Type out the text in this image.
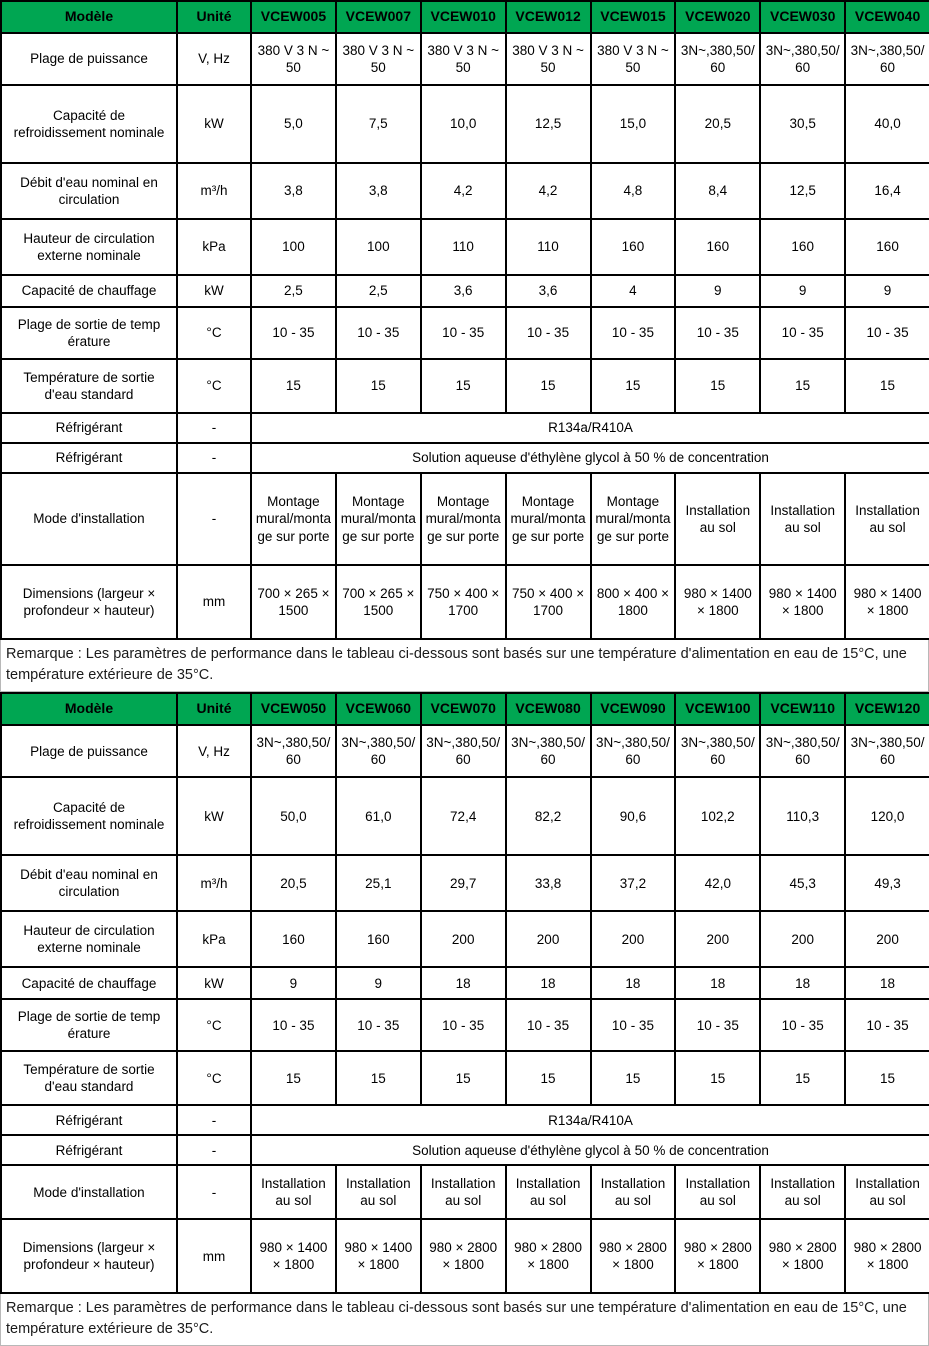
Modèle	Unité	VCEW005	VCEW007	VCEW010	VCEW012	VCEW015	VCEW020	VCEW030	VCEW040
Plage de puissance	V, Hz	380 V 3 N ~ 50	380 V 3 N ~ 50	380 V 3 N ~ 50	380 V 3 N ~ 50	380 V 3 N ~ 50	3N~,380,50/60	3N~,380,50/60	3N~,380,50/60
Capacité de refroidissement nominale	kW	5,0	7,5	10,0	12,5	15,0	20,5	30,5	40,0
Débit d'eau nominal en circulation	m³/h	3,8	3,8	4,2	4,2	4,8	8,4	12,5	16,4
Hauteur de circulation externe nominale	kPa	100	100	110	110	160	160	160	160
Capacité de chauffage	kW	2,5	2,5	3,6	3,6	4	9	9	9
Plage de sortie de temp érature	°C	10 - 35	10 - 35	10 - 35	10 - 35	10 - 35	10 - 35	10 - 35	10 - 35
Température de sortie d'eau standard	°C	15	15	15	15	15	15	15	15
Réfrigérant	-	R134a/R410A							
Réfrigérant	-	Solution aqueuse d'éthylène glycol à 50 % de concentration							
Mode d'installation	-	Montage mural/montage sur porte	Montage mural/montage sur porte	Montage mural/montage sur porte	Montage mural/montage sur porte	Montage mural/montage sur porte	Installation au sol	Installation au sol	Installation au sol
Dimensions (largeur × profondeur × hauteur)	mm	700 × 265 × 1500	700 × 265 × 1500	750 × 400 × 1700	750 × 400 × 1700	800 × 400 × 1800	980 × 1400 × 1800	980 × 1400 × 1800	980 × 1400 × 1800
Remarque : Les paramètres de performance dans le tableau ci-dessous sont basés sur une température d'alimentation en eau de 15°C, une température extérieure de 35°C.
Modèle	Unité	VCEW050	VCEW060	VCEW070	VCEW080	VCEW090	VCEW100	VCEW110	VCEW120
Plage de puissance	V, Hz	3N~,380,50/60	3N~,380,50/60	3N~,380,50/60	3N~,380,50/60	3N~,380,50/60	3N~,380,50/60	3N~,380,50/60	3N~,380,50/60
Capacité de refroidissement nominale	kW	50,0	61,0	72,4	82,2	90,6	102,2	110,3	120,0
Débit d'eau nominal en circulation	m³/h	20,5	25,1	29,7	33,8	37,2	42,0	45,3	49,3
Hauteur de circulation externe nominale	kPa	160	160	200	200	200	200	200	200
Capacité de chauffage	kW	9	9	18	18	18	18	18	18
Plage de sortie de temp érature	°C	10 - 35	10 - 35	10 - 35	10 - 35	10 - 35	10 - 35	10 - 35	10 - 35
Température de sortie d'eau standard	°C	15	15	15	15	15	15	15	15
Réfrigérant	-	R134a/R410A							
Réfrigérant	-	Solution aqueuse d'éthylène glycol à 50 % de concentration							
Mode d'installation	-	Installation au sol	Installation au sol	Installation au sol	Installation au sol	Installation au sol	Installation au sol	Installation au sol	Installation au sol
Dimensions (largeur × profondeur × hauteur)	mm	980 × 1400 × 1800	980 × 1400 × 1800	980 × 2800 × 1800	980 × 2800 × 1800	980 × 2800 × 1800	980 × 2800 × 1800	980 × 2800 × 1800	980 × 2800 × 1800
Remarque : Les paramètres de performance dans le tableau ci-dessous sont basés sur une température d'alimentation en eau de 15°C, une température extérieure de 35°C.
